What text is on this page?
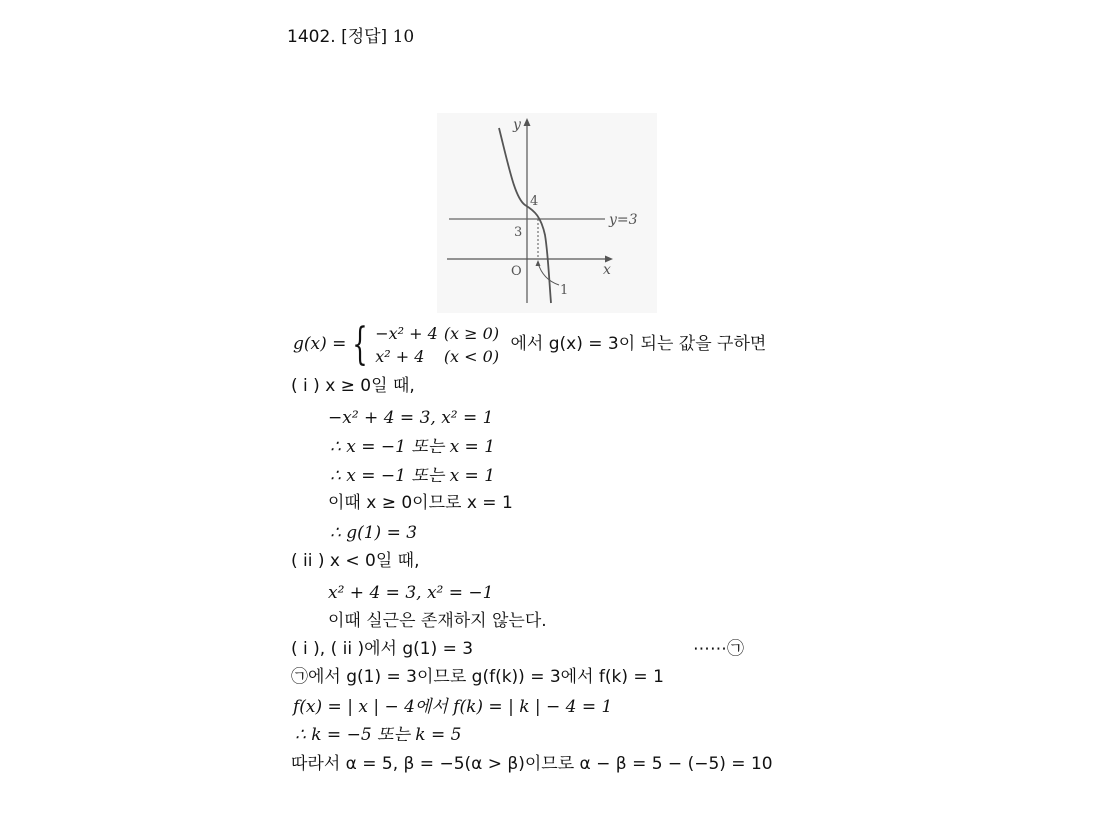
1402. [정답] 10
y
x
O
4
3
y=3
1
g(x) = { −x² + 4	(x ≥ 0)
x² + 4	(x < 0) 에서 g(x) = 3이 되는 값을 구하면
( i ) x ≥ 0일 때,
−x² + 4 = 3, x² = 1
∴ x = −1 또는 x = 1
∴ x = −1 또는 x = 1
이때 x ≥ 0이므로 x = 1
∴ g(1) = 3
( ii ) x < 0일 때,
x² + 4 = 3, x² = −1
이때 실근은 존재하지 않는다.
( i ), ( ii )에서 g(1) = 3	⋯⋯㉠
㉠에서 g(1) = 3이므로 g(f(k)) = 3에서 f(k) = 1
f(x) = | x | − 4에서 f(k) = | k | − 4 = 1
∴ k = −5 또는 k = 5
따라서 α = 5, β = −5(α > β)이므로 α − β = 5 − (−5) = 10
